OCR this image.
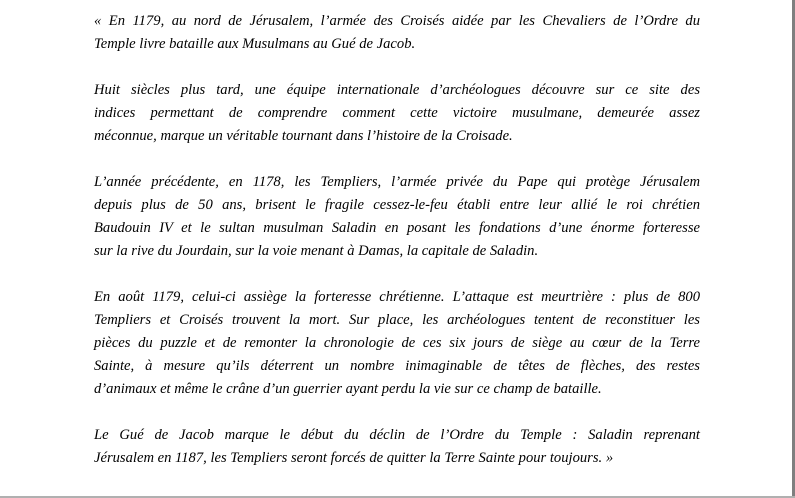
« En 1179, au nord de Jérusalem, l’armée des Croisés aidée par les Chevaliers de l’Ordre du
Temple livre bataille aux Musulmans au Gué de Jacob.

Huit siècles plus tard, une équipe internationale d’archéologues découvre sur ce site des
indices permettant de comprendre comment cette victoire musulmane, demeurée assez
méconnue, marque un véritable tournant dans l’histoire de la Croisade.

L’année précédente, en 1178, les Templiers, l’armée privée du Pape qui protège Jérusalem
depuis plus de 50 ans, brisent le fragile cessez-le-feu établi entre leur allié le roi chrétien
Baudouin IV et le sultan musulman Saladin en posant les fondations d’une énorme forteresse
sur la rive du Jourdain, sur la voie menant à Damas, la capitale de Saladin.

En août 1179, celui-ci assiège la forteresse chrétienne. L’attaque est meurtrière : plus de 800
Templiers et Croisés trouvent la mort. Sur place, les archéologues tentent de reconstituer les
pièces du puzzle et de remonter la chronologie de ces six jours de siège au cœur de la Terre
Sainte, à mesure qu’ils déterrent un nombre inimaginable de têtes de flèches, des restes
d’animaux et même le crâne d’un guerrier ayant perdu la vie sur ce champ de bataille.

Le Gué de Jacob marque le début du déclin de l’Ordre du Temple : Saladin reprenant
Jérusalem en 1187, les Templiers seront forcés de quitter la Terre Sainte pour toujours. »
